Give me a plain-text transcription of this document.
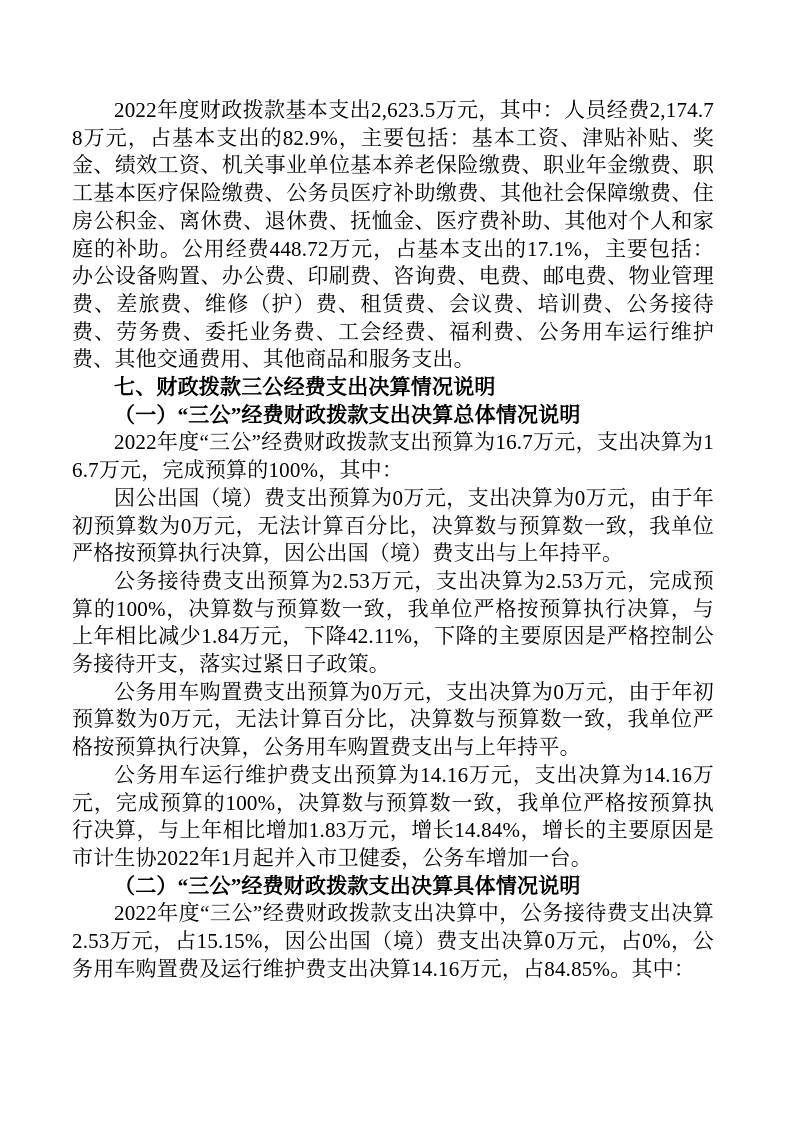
2022年度财政拨款基本支出2,623.5万元，其中：人员经费2,174.78万元，占基本支出的82.9%，主要包括：基本工资、津贴补贴、奖金、绩效工资、机关事业单位基本养老保险缴费、职业年金缴费、职工基本医疗保险缴费、公务员医疗补助缴费、其他社会保障缴费、住房公积金、离休费、退休费、抚恤金、医疗费补助、其他对个人和家庭的补助。公用经费448.72万元，占基本支出的17.1%，主要包括：办公设备购置、办公费、印刷费、咨询费、电费、邮电费、物业管理费、差旅费、维修（护）费、租赁费、会议费、培训费、公务接待费、劳务费、委托业务费、工会经费、福利费、公务用车运行维护费、其他交通费用、其他商品和服务支出。

七、财政拨款三公经费支出决算情况说明

（一）“三公”经费财政拨款支出决算总体情况说明

2022年度“三公”经费财政拨款支出预算为16.7万元，支出决算为16.7万元，完成预算的100%，其中：

因公出国（境）费支出预算为0万元，支出决算为0万元，由于年初预算数为0万元，无法计算百分比，决算数与预算数一致，我单位严格按预算执行决算，因公出国（境）费支出与上年持平。

公务接待费支出预算为2.53万元，支出决算为2.53万元，完成预算的100%，决算数与预算数一致，我单位严格按预算执行决算，与上年相比减少1.84万元，下降42.11%，下降的主要原因是严格控制公务接待开支，落实过紧日子政策。

公务用车购置费支出预算为0万元，支出决算为0万元，由于年初预算数为0万元，无法计算百分比，决算数与预算数一致，我单位严格按预算执行决算，公务用车购置费支出与上年持平。

公务用车运行维护费支出预算为14.16万元，支出决算为14.16万元，完成预算的100%，决算数与预算数一致，我单位严格按预算执行决算，与上年相比增加1.83万元，增长14.84%，增长的主要原因是市计生协2022年1月起并入市卫健委，公务车增加一台。

（二）“三公”经费财政拨款支出决算具体情况说明

2022年度“三公”经费财政拨款支出决算中，公务接待费支出决算2.53万元，占15.15%，因公出国（境）费支出决算0万元，占0%，公务用车购置费及运行维护费支出决算14.16万元，占84.85%。其中：
